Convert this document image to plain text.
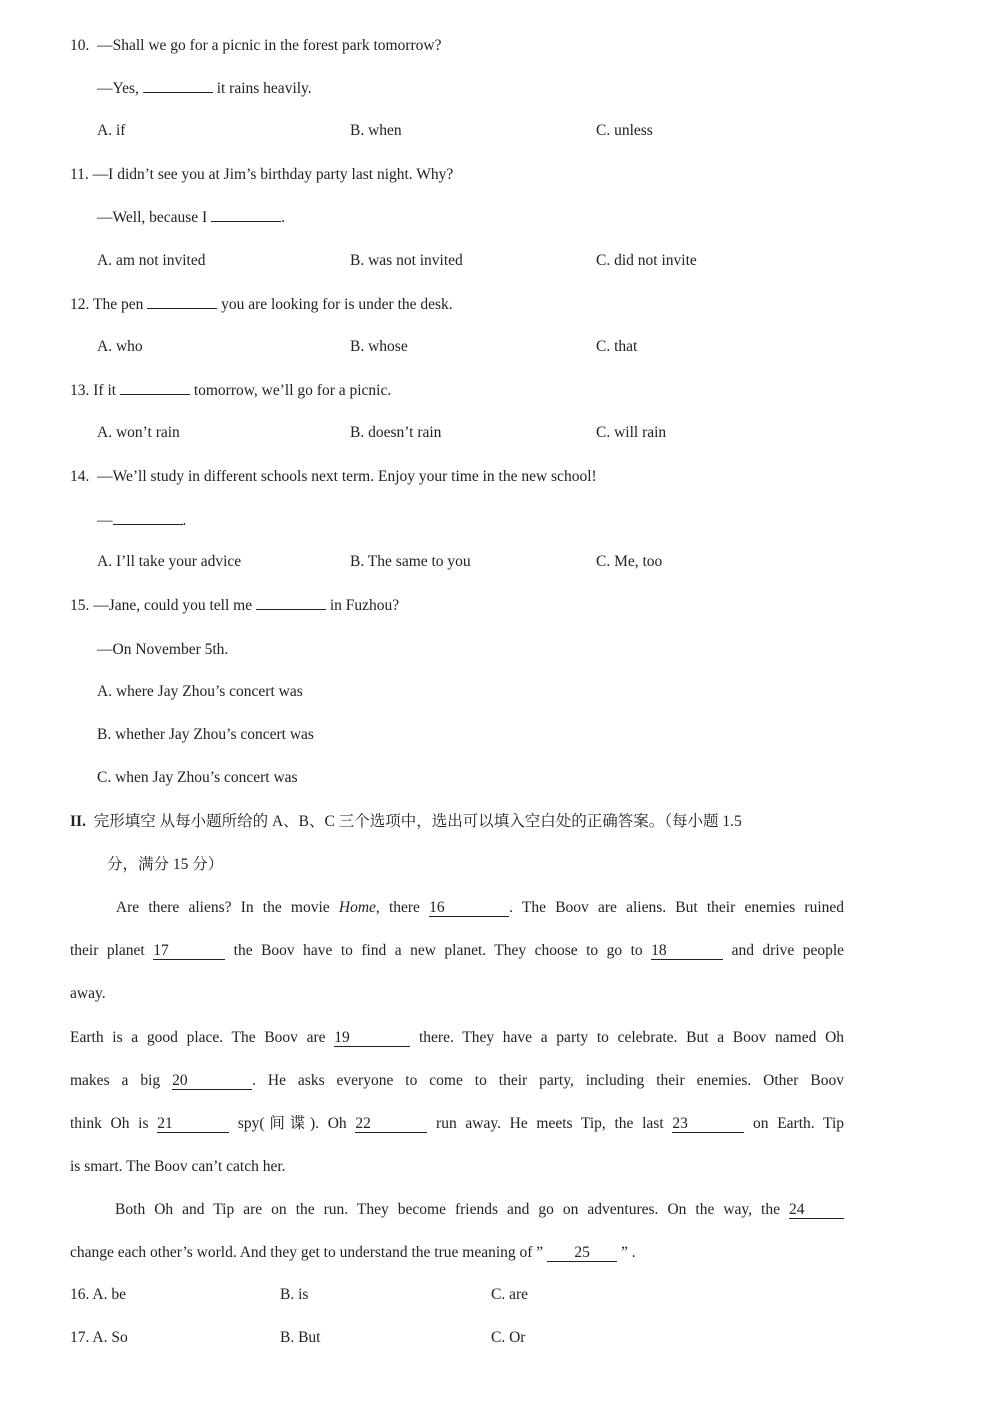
10. —Shall we go for a picnic in the forest park tomorrow?
—Yes,	it rains heavily.
A. if	B. when	C. unless
11. —I didn’t see you at Jim’s birthday party last night. Why?
—Well, because I	.
A. am not invited	B. was not invited	C. did not invite
12. The pen	you are looking for is under the desk.
A. who	B. whose	C. that
13. If it	tomorrow, we’ll go for a picnic.
A. won’t rain	B. doesn’t rain	C. will rain
14. —We’ll study in different schools next term. Enjoy your time in the new school!
—	.
A. I’ll take your advice	B. The same to you	C. Me, too
15. —Jane, could you tell me	in Fuzhou?
—On November 5th.
A. where Jay Zhou’s concert was
B. whether Jay Zhou’s concert was
C. when Jay Zhou’s concert was
II. 完形填空 从每小题所给的 A、B、C 三个选项中，选出可以填入空白处的正确答案。（每小题 1.5
分，满分 15 分）
Are there aliens? In the movie Home, there 16	. The Boov are aliens. But their enemies ruined
their planet 17	the Boov have to find a new planet. They choose to go to 18	and drive people
away.
Earth is a good place. The Boov are 19	there. They have a party to celebrate. But a Boov named Oh
makes a big 20	. He asks everyone to come to their party, including their enemies. Other Boov
think Oh is 21	spy(间谍). Oh 22	run away. He meets Tip, the last 23	on Earth. Tip
is smart. The Boov can’t catch her.
Both Oh and Tip are on the run. They become friends and go on adventures. On the way, the 24
change each other’s world. And they get to understand the true meaning of ” 25 ” .
16. A. be	B. is	C. are
17. A. So	B. But	C. Or
